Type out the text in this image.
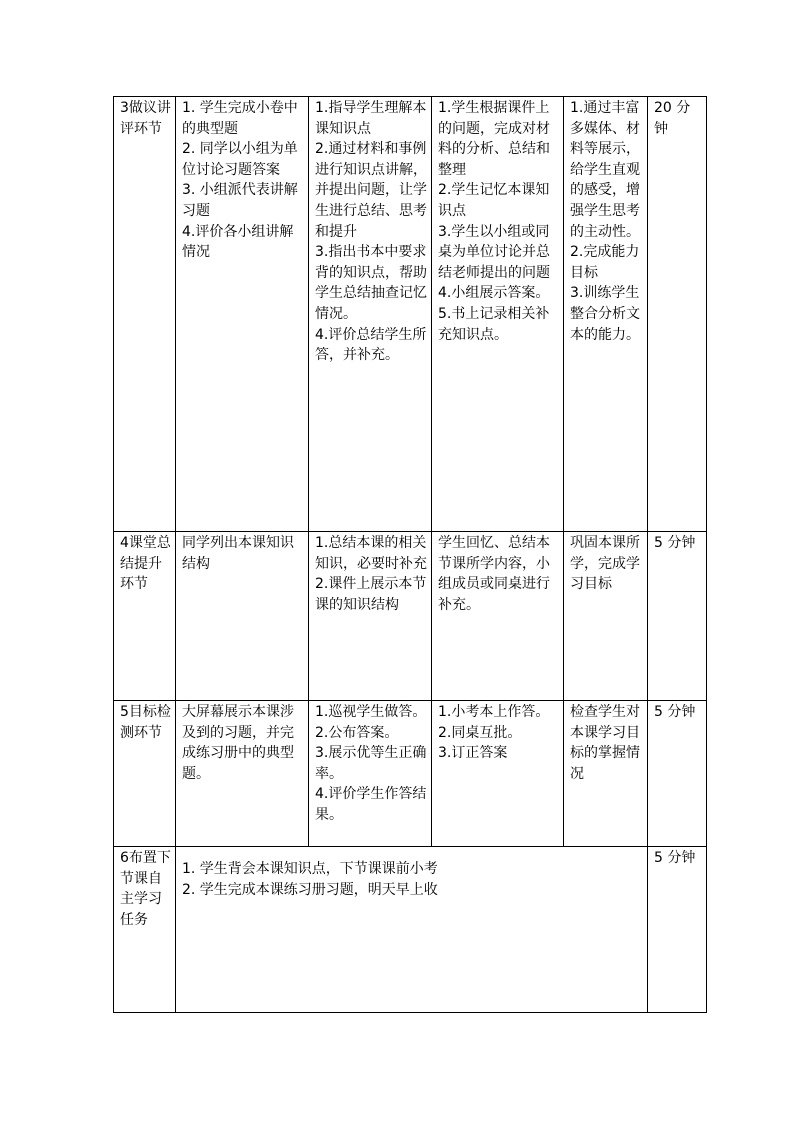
3做议讲评环节	1. 学生完成小卷中的典型题
2. 同学以小组为单位讨论习题答案
3. 小组派代表讲解习题
4.评价各小组讲解情况	1.指导学生理解本课知识点
2.通过材料和事例进行知识点讲解，并提出问题，让学生进行总结、思考和提升
3.指出书本中要求背的知识点，帮助学生总结抽查记忆情况。
4.评价总结学生所答，并补充。	1.学生根据课件上的问题，完成对材料的分析、总结和整理
2.学生记忆本课知识点
3.学生以小组或同桌为单位讨论并总结老师提出的问题
4.小组展示答案。
5.书上记录相关补充知识点。	1.通过丰富多媒体、材料等展示，给学生直观的感受，增强学生思考的主动性。
2.完成能力目标
3.训练学生整合分析文本的能力。	20 分钟
4课堂总结提升环节	同学列出本课知识结构	1.总结本课的相关知识，必要时补充
2.课件上展示本节课的知识结构	学生回忆、总结本节课所学内容，小组成员或同桌进行补充。	巩固本课所学，完成学习目标	5 分钟
5目标检测环节	大屏幕展示本课涉及到的习题，并完成练习册中的典型题。	1.巡视学生做答。
2.公布答案。
3.展示优等生正确率。
4.评价学生作答结果。	1.小考本上作答。
2.同桌互批。
3.订正答案	检查学生对本课学习目标的掌握情况	5 分钟
6布置下节课自主学习任务	1. 学生背会本课知识点，下节课课前小考
2. 学生完成本课练习册习题，明天早上收				5 分钟
